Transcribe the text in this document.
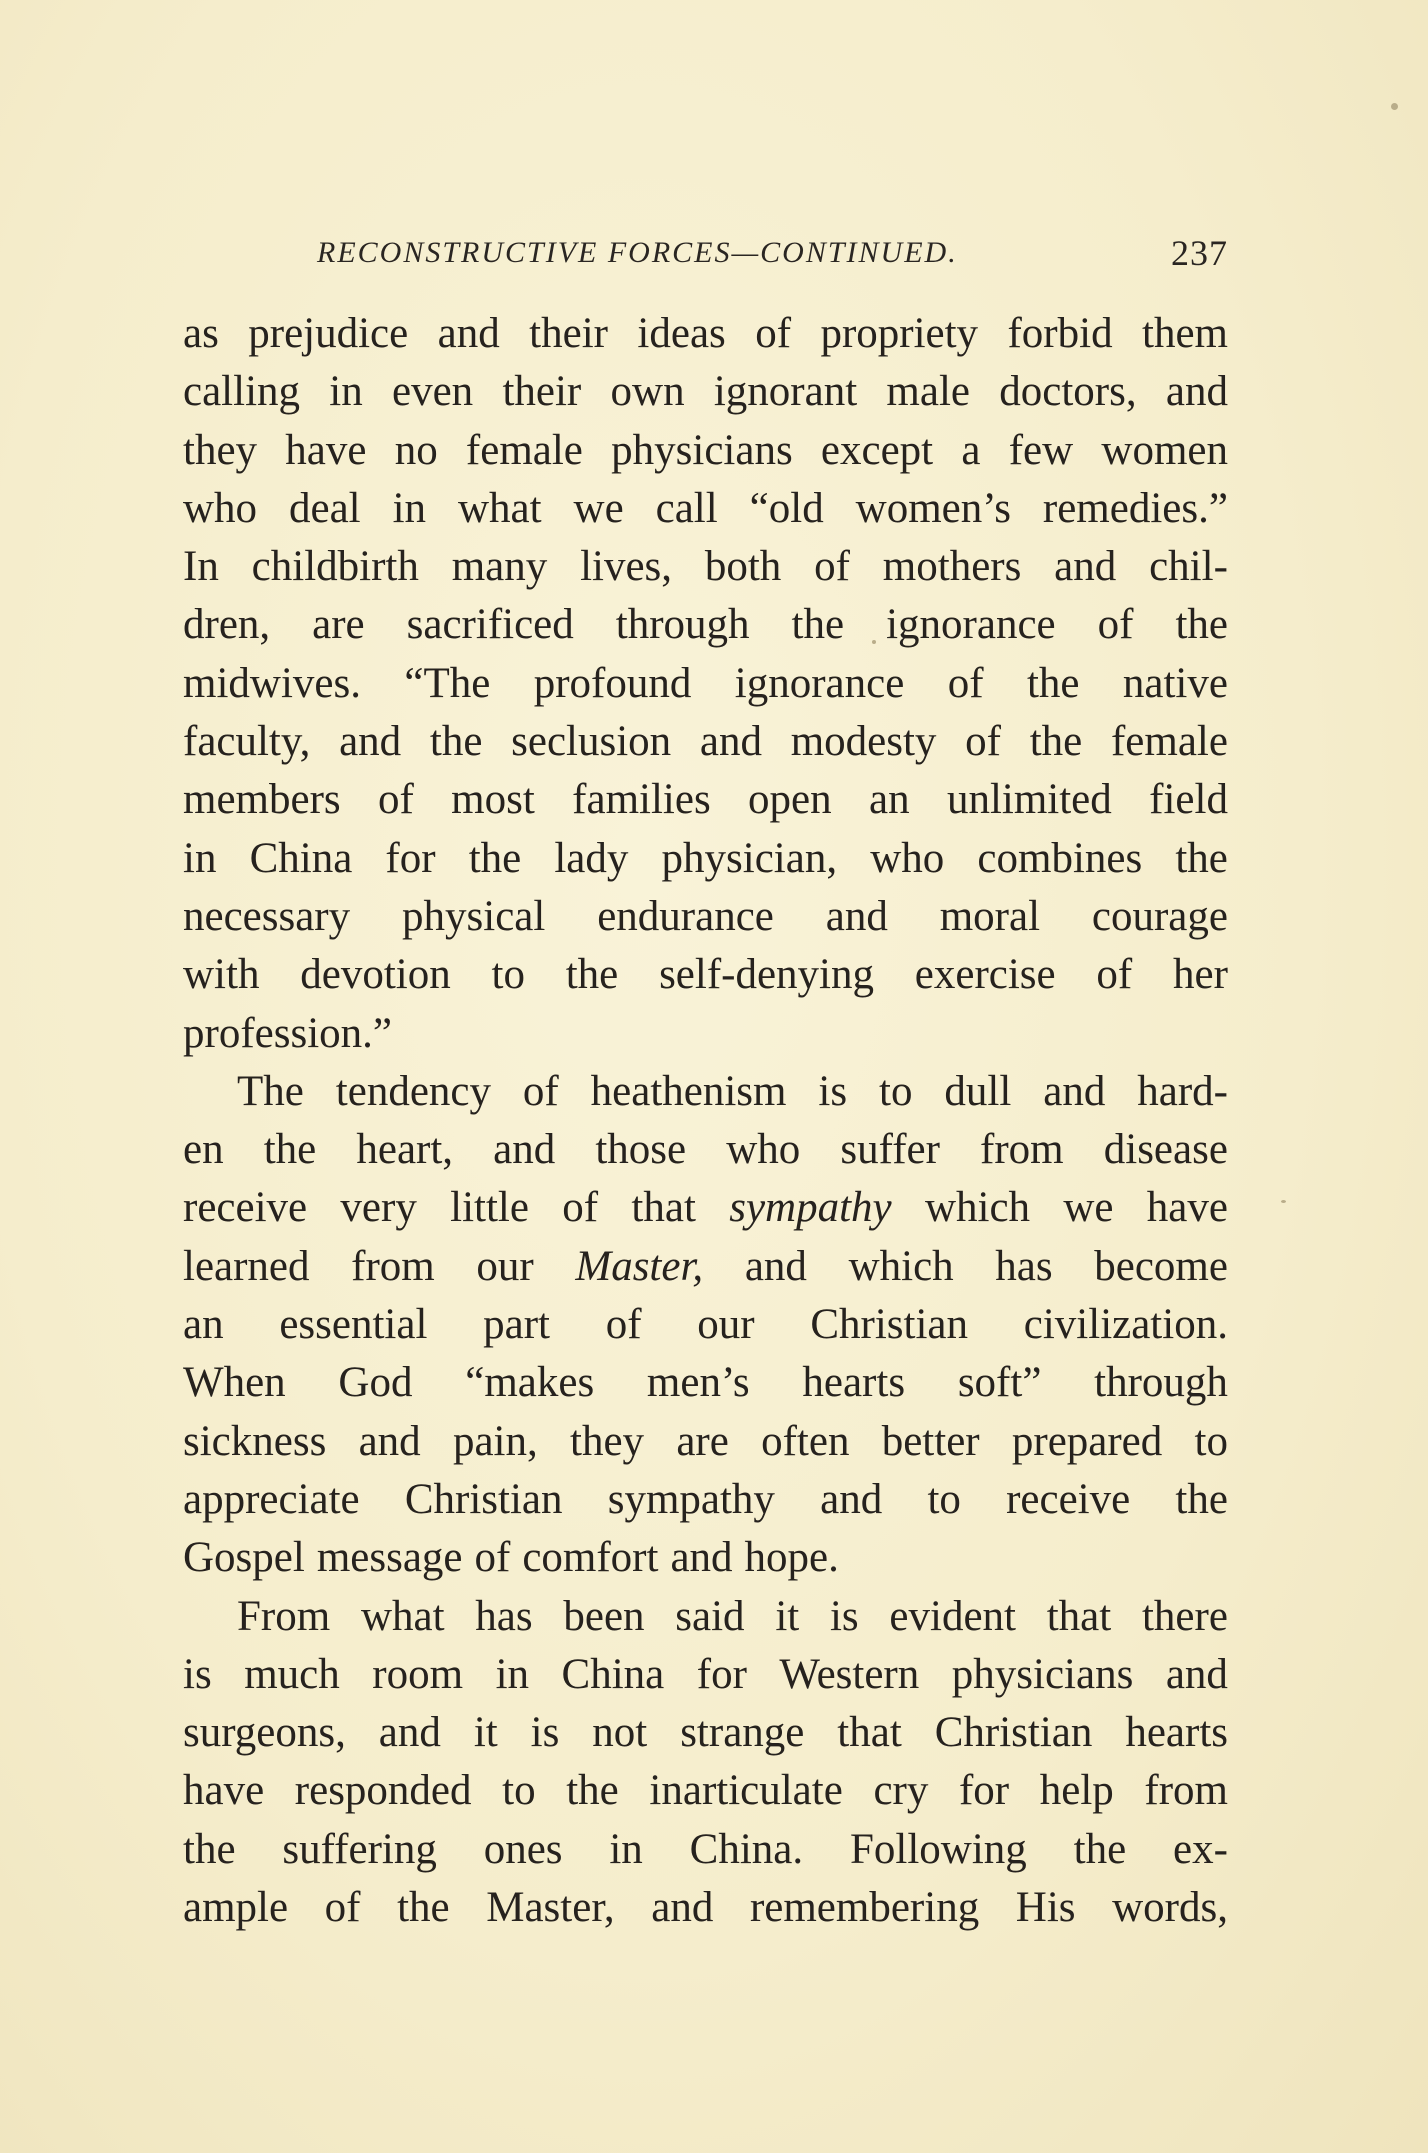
RECONSTRUCTIVE FORCES—CONTINUED.	237
as prejudice and their ideas of propriety forbid them
calling in even their own ignorant male doctors, and
they have no female physicians except a few women
who deal in what we call “old women’s remedies.”
In childbirth many lives, both of mothers and chil-
dren, are sacrificed through the ignorance of the
midwives. “The profound ignorance of the native
faculty, and the seclusion and modesty of the female
members of most families open an unlimited field
in China for the lady physician, who combines the
necessary physical endurance and moral courage
with devotion to the self-denying exercise of her
profession.”
The tendency of heathenism is to dull and hard-
en the heart, and those who suffer from disease
receive very little of that sympathy which we have
learned from our Master, and which has become
an essential part of our Christian civilization.
When God “makes men’s hearts soft” through
sickness and pain, they are often better prepared to
appreciate Christian sympathy and to receive the
Gospel message of comfort and hope.
From what has been said it is evident that there
is much room in China for Western physicians and
surgeons, and it is not strange that Christian hearts
have responded to the inarticulate cry for help from
the suffering ones in China. Following the ex-
ample of the Master, and remembering His words,
